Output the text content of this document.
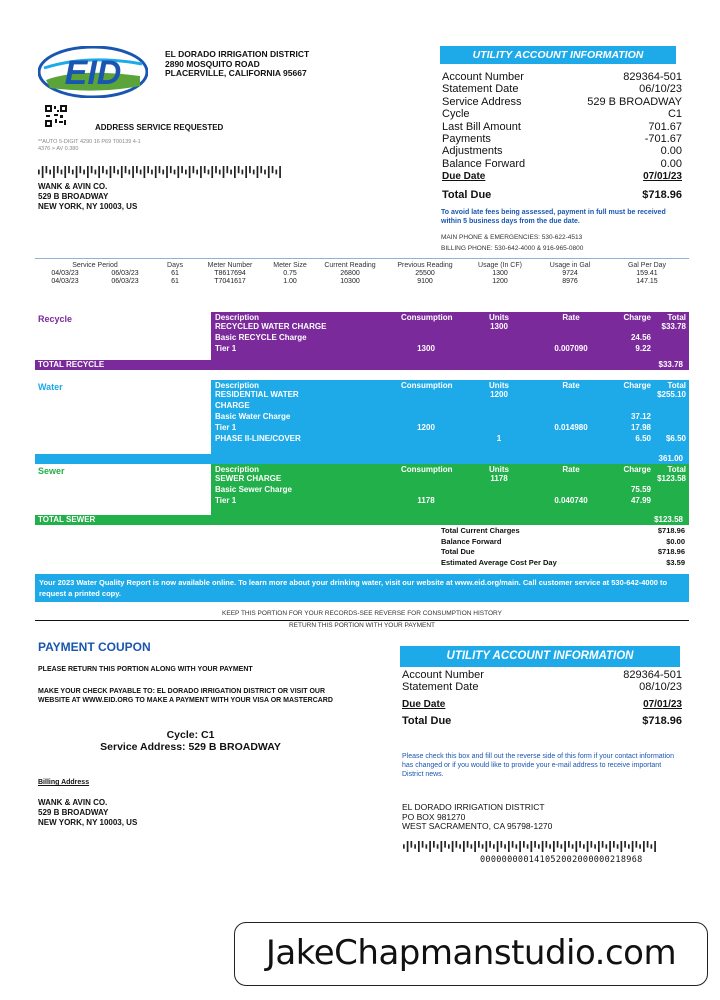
EID	EL DORADO IRRIGATION DISTRICT
2890 MOSQUITO ROAD
PLACERVILLE, CALIFORNIA 95667
ADDRESS SERVICE REQUESTED
**AUTO 5-DIGIT 4290 16 P69 T00139 4-1
4376 > AV 0.380
WANK & AVIN CO.
529 B BROADWAY
NEW YORK, NY 10003, US
UTILITY ACCOUNT INFORMATION
Account Number	829364-501
Statement Date	06/10/23
Service Address	529 B BROADWAY
Cycle	C1
Last Bill Amount	701.67
Payments	-701.67
Adjustments	0.00
Balance Forward	0.00
Due Date	07/01/23
Total Due	$718.96
To avoid late fees being assessed, payment in full must be received within 5 business days from the due date.
MAIN PHONE & EMERGENCIES: 530-622-4513
BILLING PHONE: 530-642-4000 & 916-965-0800
Service Period		Days	Meter Number	Meter Size	Current Reading	Previous Reading	Usage (In CF)	Usage in Gal	Gal Per Day
04/03/23	06/03/23	61	T8617694	0.75	26800	25500	1300	9724	159.41
04/03/23	06/03/23	61	T7041617	1.00	10300	9100	1200	8976	147.15
Recycle	Description	Consumption	Units	Rate	Charge	Total
RECYCLED WATER CHARGE	1300	$33.78
Basic RECYCLE Charge	24.56
Tier 1	1300	0.007090	9.22
TOTAL RECYCLE	$33.78
Water	Description	Consumption	Units	Rate	Charge	Total
RESIDENTIAL WATER	1200	$255.10
CHARGE
Basic Water Charge	37.12
Tier 1	1200	0.014980	17.98
PHASE II-LINE/COVER	1	6.50	$6.50
361.00
Sewer	Description	Consumption	Units	Rate	Charge	Total
SEWER CHARGE	1178	$123.58
Basic Sewer Charge	75.59
Tier 1	1178	0.040740	47.99
TOTAL SEWER	$123.58
Total Current Charges	$718.96
Balance Forward	$0.00
Total Due	$718.96
Estimated Average Cost Per Day	$3.59
Your 2023 Water Quality Report is now available online. To learn more about your drinking water, visit our website at www.eid.org/main. Call customer service at 530-642-4000 to request a printed copy.
KEEP THIS PORTION FOR YOUR RECORDS-SEE REVERSE FOR CONSUMPTION HISTORY
RETURN THIS PORTION WITH YOUR PAYMENT
PAYMENT COUPON
PLEASE RETURN THIS PORTION ALONG WITH YOUR PAYMENT
MAKE YOUR CHECK PAYABLE TO: EL DORADO IRRIGATION DISTRICT OR VISIT OUR WEBSITE AT WWW.EID.ORG TO MAKE A PAYMENT WITH YOUR VISA OR MASTERCARD
Cycle: C1
Service Address: 529 B BROADWAY
Billing Address
WANK & AVIN CO.
529 B BROADWAY
NEW YORK, NY 10003, US
UTILITY ACCOUNT INFORMATION
Account Number	829364-501
Statement Date	08/10/23
Due Date	07/01/23
Total Due	$718.96
Please check this box and fill out the reverse side of this form if your contact information has changed or if you would like to provide your e-mail address to receive important District news.
EL DORADO IRRIGATION DISTRICT
PO BOX 981270
WEST SACRAMENTO, CA 95798-1270
000000000141052002000000218968
JakeChapmanstudio.com
